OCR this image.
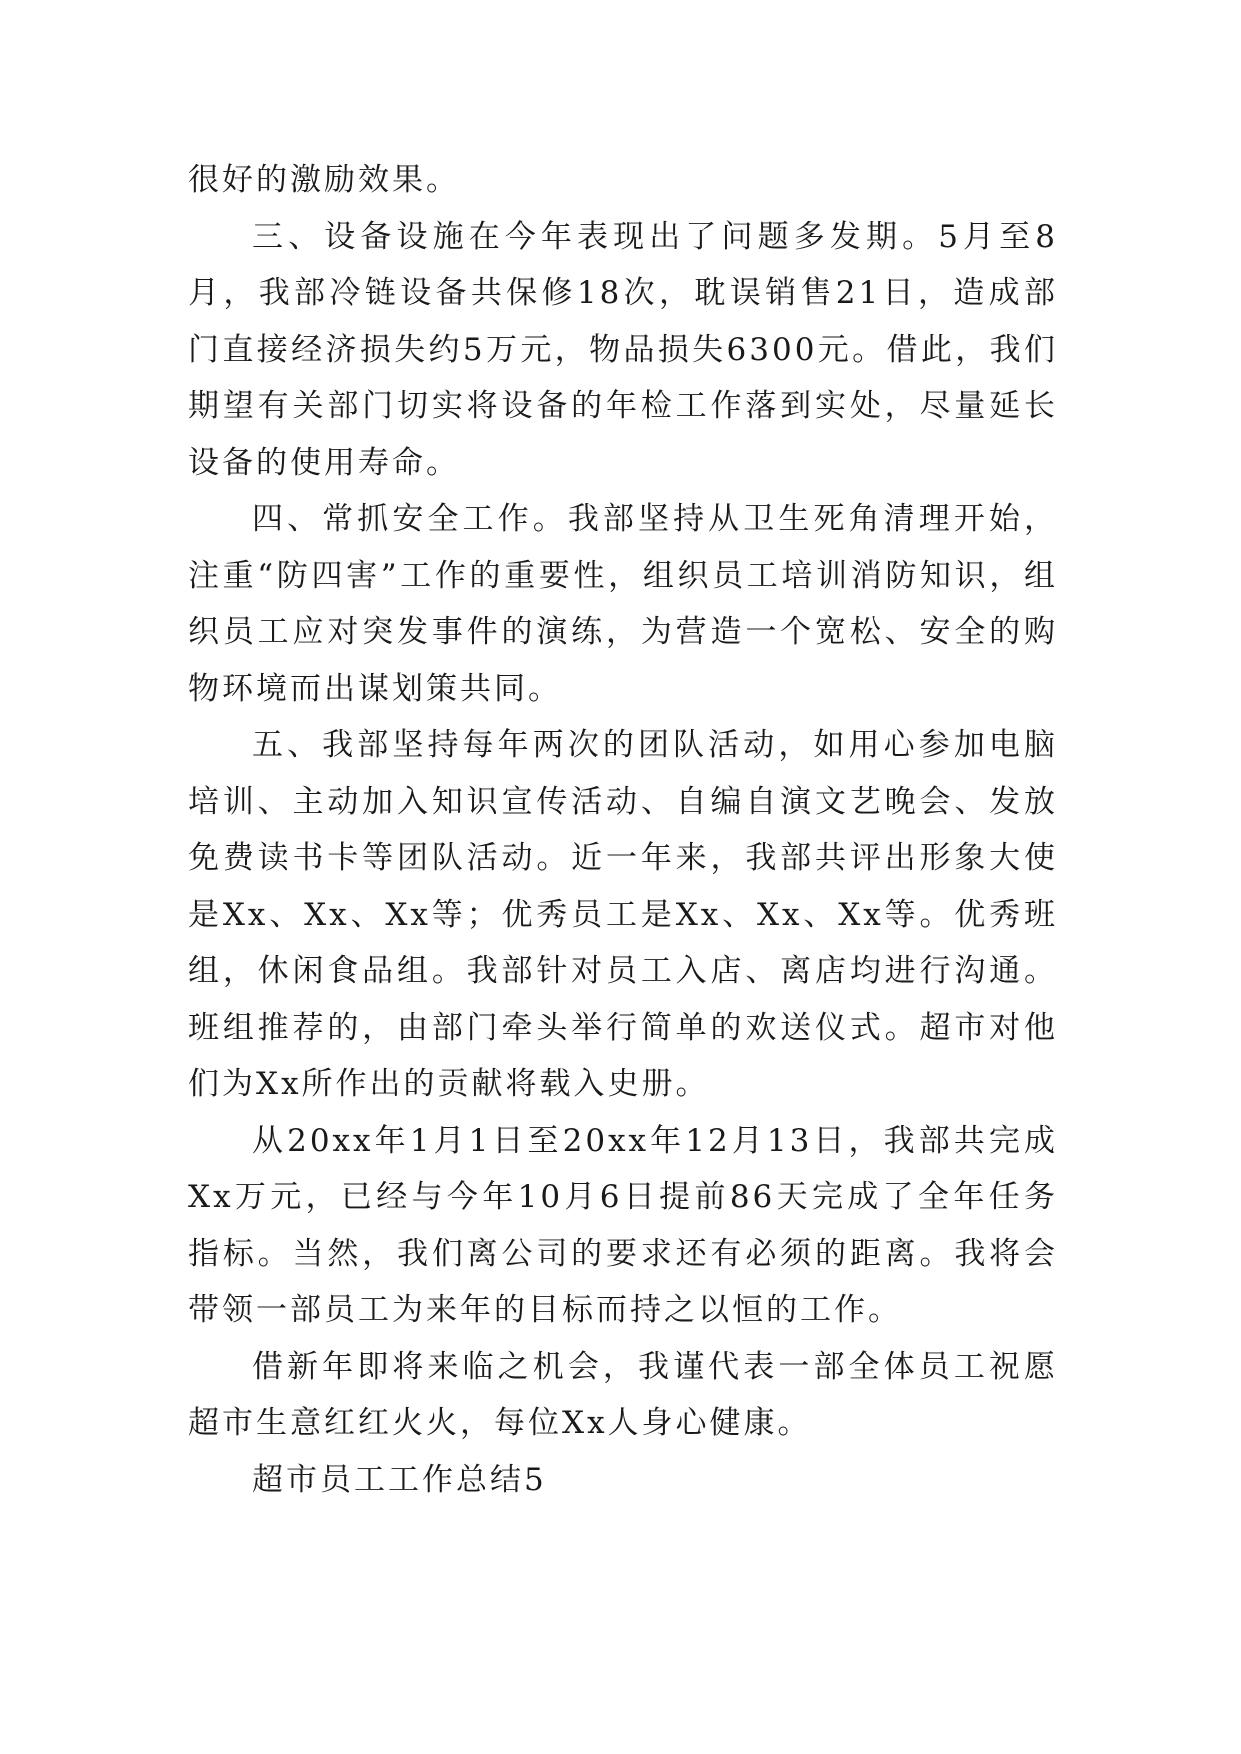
很好的激励效果。

三、设备设施在今年表现出了问题多发期。5月至8月，我部冷链设备共保修18次，耽误销售21日，造成部门直接经济损失约5万元，物品损失6300元。借此，我们期望有关部门切实将设备的年检工作落到实处，尽量延长设备的使用寿命。

四、常抓安全工作。我部坚持从卫生死角清理开始，注重“防四害”工作的重要性，组织员工培训消防知识，组织员工应对突发事件的演练，为营造一个宽松、安全的购物环境而出谋划策共同。

五、我部坚持每年两次的团队活动，如用心参加电脑培训、主动加入知识宣传活动、自编自演文艺晚会、发放免费读书卡等团队活动。近一年来，我部共评出形象大使是Xx、Xx、Xx等；优秀员工是Xx、Xx、Xx等。优秀班组，休闲食品组。我部针对员工入店、离店均进行沟通。班组推荐的，由部门牵头举行简单的欢送仪式。超市对他们为Xx所作出的贡献将载入史册。

从20xx年1月1日至20xx年12月13日，我部共完成Xx万元，已经与今年10月6日提前86天完成了全年任务指标。当然，我们离公司的要求还有必须的距离。我将会带领一部员工为来年的目标而持之以恒的工作。

借新年即将来临之机会，我谨代表一部全体员工祝愿超市生意红红火火，每位Xx人身心健康。

超市员工工作总结5
